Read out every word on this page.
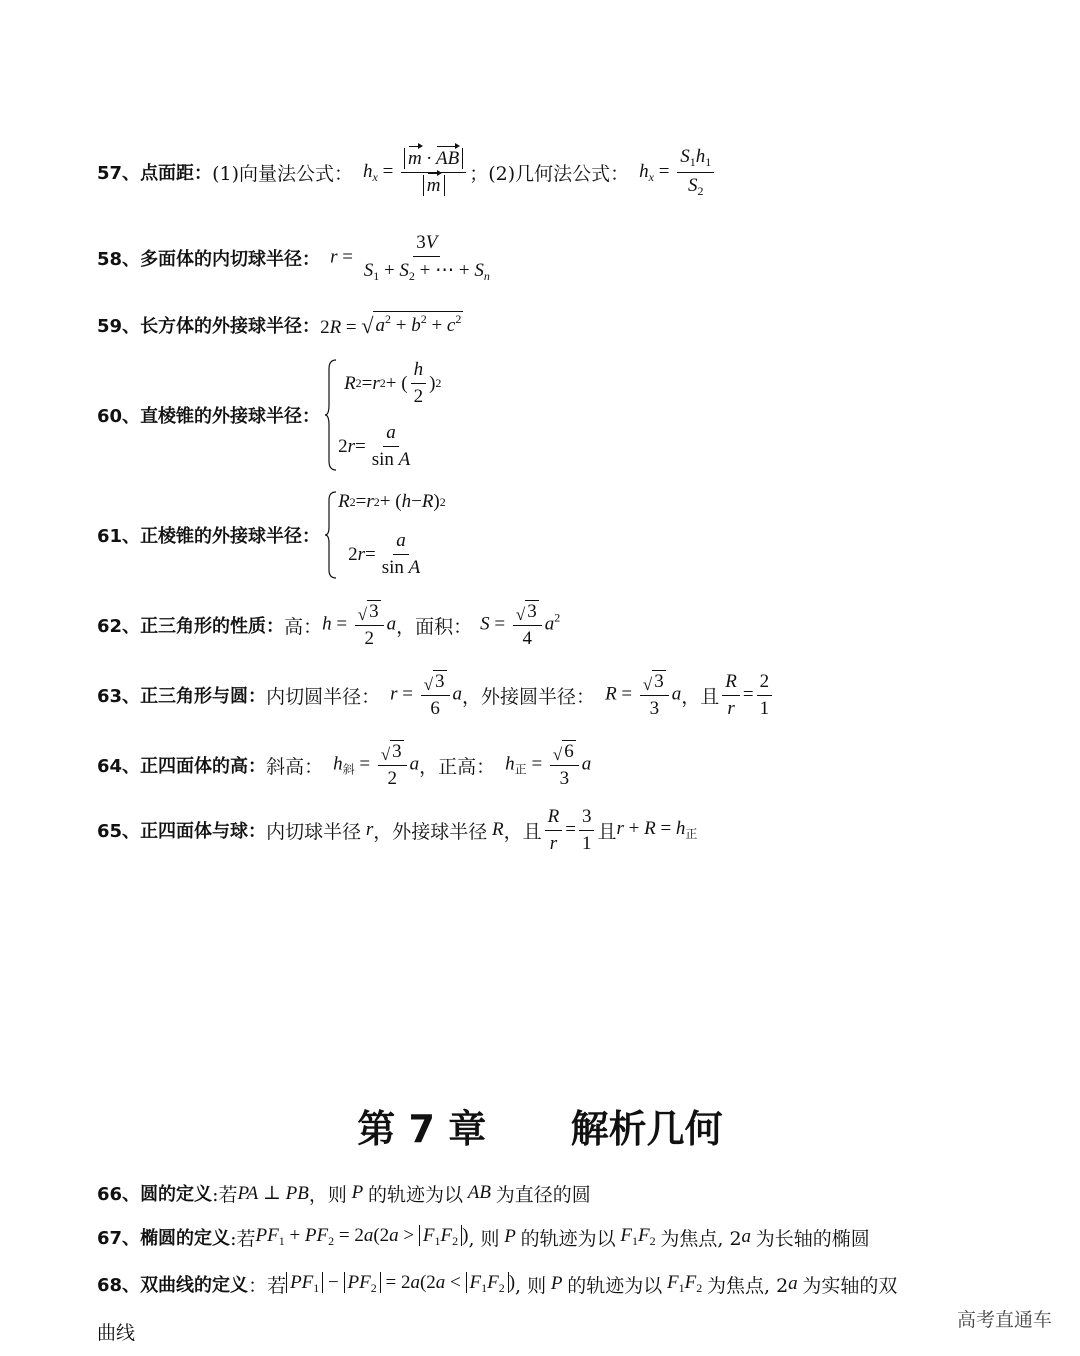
57、 点面距： (1)向量法公式： $h_x = \frac{m \cdot AB}{m}$ ； (2)几何法公式： $h_x = \frac{S_1h_1}{S_2}$
58、 多面体的内切球半径： $r = \frac{3V}{S_1 + S_2 + \cdots + S_n}$
59、 长方体的外接球半径： 2R = √ $a^2 + b^2 + c^2$
60、 直棱锥的外接球半径：
R 2 = r 2 + ( $\frac{h}{2}$ ) 2
2 $r = \frac{a}{\text{sin A}}$
61、 正棱锥的外接球半径：
R 2 = r 2 + ( h − R ) 2
2 $r = \frac{a}{\text{sin A}}$
62、 正三角形的性质： 高： $h = \frac{√ 3}{2}$ a ，面积： $S = \frac{√ 3}{4} a^2$
63、 正三角形与圆： 内切圆半径： $r = \frac{√ 3}{6}$ a ，外接圆半径： $R = \frac{√ 3}{3}$ a ，且 $\frac{R}{r} = \frac{2}{1}$
64、 正四面体的高： 斜高： $h_斜 = \frac{√ 3}{2}$ a ，正高： $h_正 = \frac{√ 6}{3}$ a
65、 正四面体与球： 内切球半径 r ，外接球半径 R ，且 $\frac{R}{r} = \frac{3}{1}$ 且 $r + R = h_正$
第 7 章 解析几何
66、 圆的定义 :若 PA ⊥ PB ，则 P 的轨迹为以 AB 为直径的圆
67、 椭圆的定义 :若 $PF_1 + PF_2 = 2a(2a > F_1F_2$ ) , 则 P 的轨迹为以 $F_1F_2$ 为焦点, 2 a 为长轴的椭圆
68、 双曲线的定义 ：若 $PF_1 - PF_2 = 2a(2a < F_1F_2$ ) , 则 P 的轨迹为以 $F_1F_2$ 为焦点, 2 a 为实轴的双
曲线
高考直通车
